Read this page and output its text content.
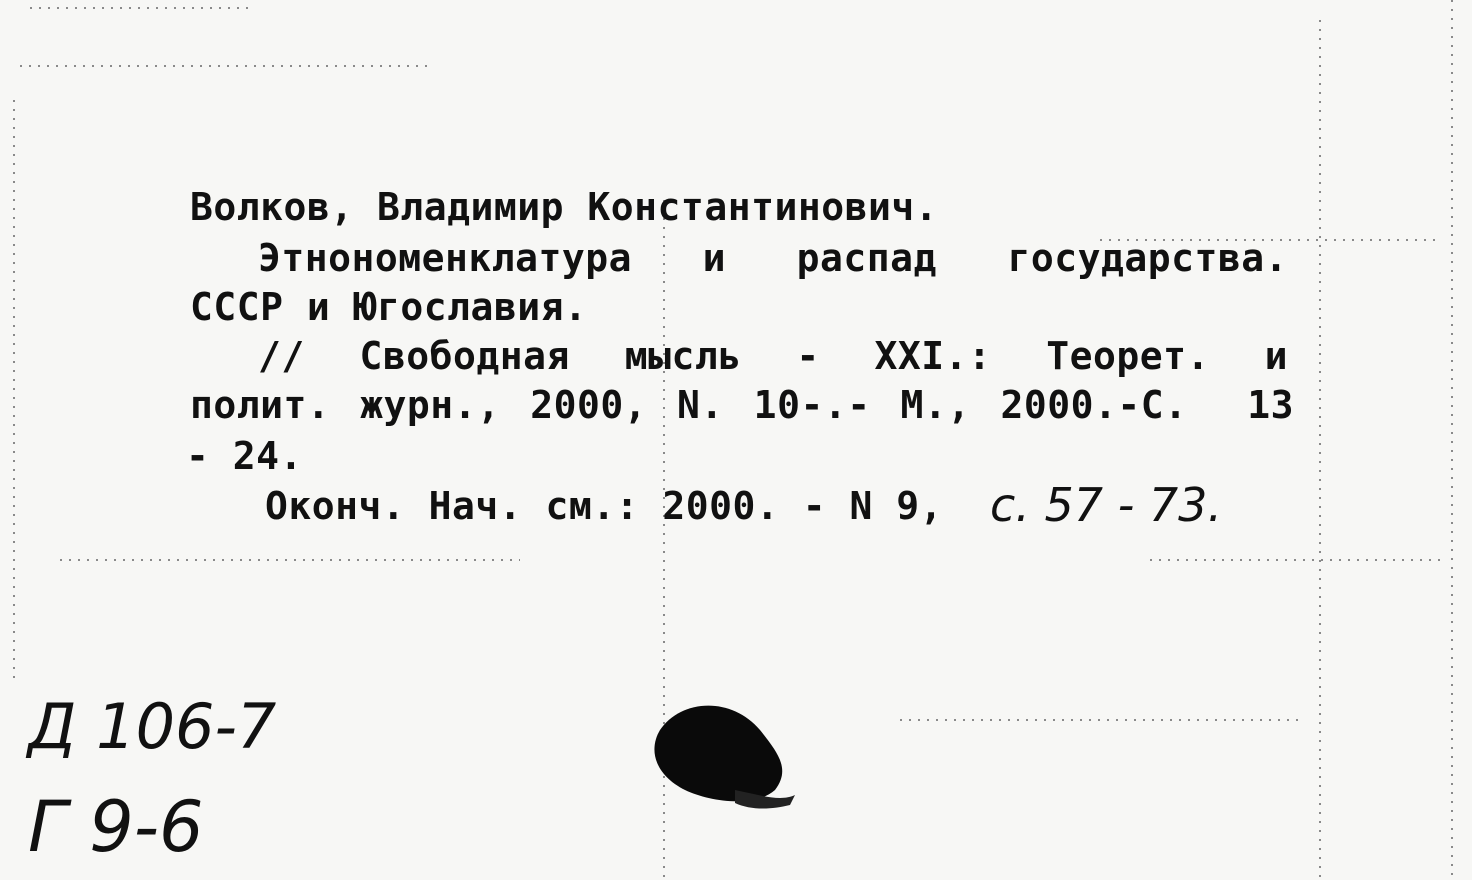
Волков, Владимир Константинович.
Этнономенклатура  и  распад  государства.
СССР и Югославия.
// Свободная мысль - XXI.: Теорет. и
полит. журн., 2000, N. 10-.- М., 2000.-С.  13
- 24.
Оконч. Нач. см.: 2000. - N 9, с. 57 - 73.
Д 106-7
Г 9-6
